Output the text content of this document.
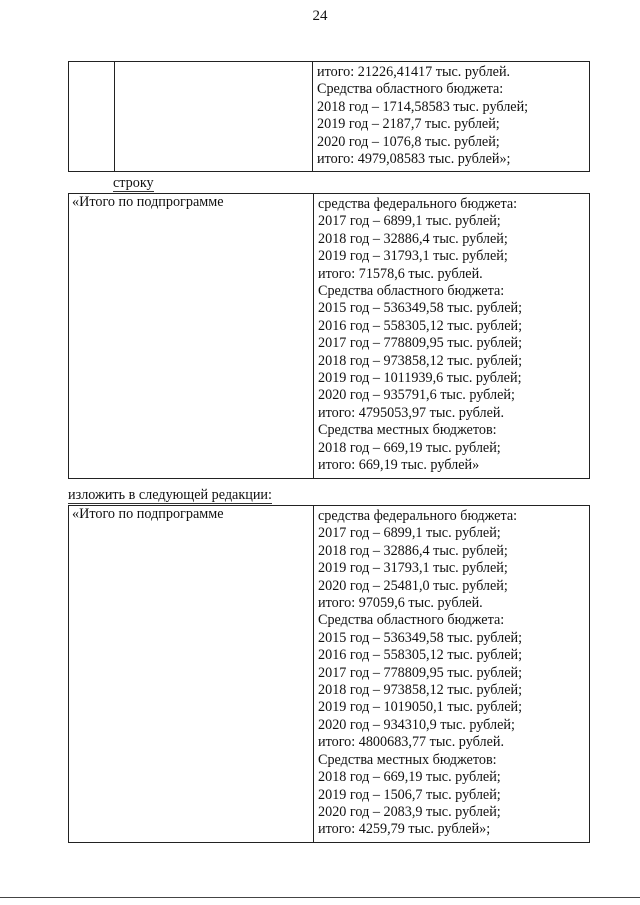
24

итого: 21226,41417 тыс. рублей.
Средства областного бюджета:
2018 год – 1714,58583 тыс. рублей;
2019 год – 2187,7 тыс. рублей;
2020 год – 1076,8 тыс. рублей;
итого: 4979,08583 тыс. рублей»;
строку
«Итого по подпрограмме	средства федерального бюджета:
2017 год – 6899,1 тыс. рублей;
2018 год – 32886,4 тыс. рублей;
2019 год – 31793,1 тыс. рублей;
итого: 71578,6 тыс. рублей.
Средства областного бюджета:
2015 год – 536349,58 тыс. рублей;
2016 год – 558305,12 тыс. рублей;
2017 год – 778809,95 тыс. рублей;
2018 год – 973858,12 тыс. рублей;
2019 год – 1011939,6 тыс. рублей;
2020 год – 935791,6 тыс. рублей;
итого: 4795053,97 тыс. рублей.
Средства местных бюджетов:
2018 год – 669,19 тыс. рублей;
итого: 669,19 тыс. рублей»
изложить в следующей редакции:
«Итого по подпрограмме	средства федерального бюджета:
2017 год – 6899,1 тыс. рублей;
2018 год – 32886,4 тыс. рублей;
2019 год – 31793,1 тыс. рублей;
2020 год – 25481,0 тыс. рублей;
итого: 97059,6 тыс. рублей.
Средства областного бюджета:
2015 год – 536349,58 тыс. рублей;
2016 год – 558305,12 тыс. рублей;
2017 год – 778809,95 тыс. рублей;
2018 год – 973858,12 тыс. рублей;
2019 год – 1019050,1 тыс. рублей;
2020 год – 934310,9 тыс. рублей;
итого: 4800683,77 тыс. рублей.
Средства местных бюджетов:
2018 год – 669,19 тыс. рублей;
2019 год – 1506,7 тыс. рублей;
2020 год – 2083,9 тыс. рублей;
итого: 4259,79 тыс. рублей»;
